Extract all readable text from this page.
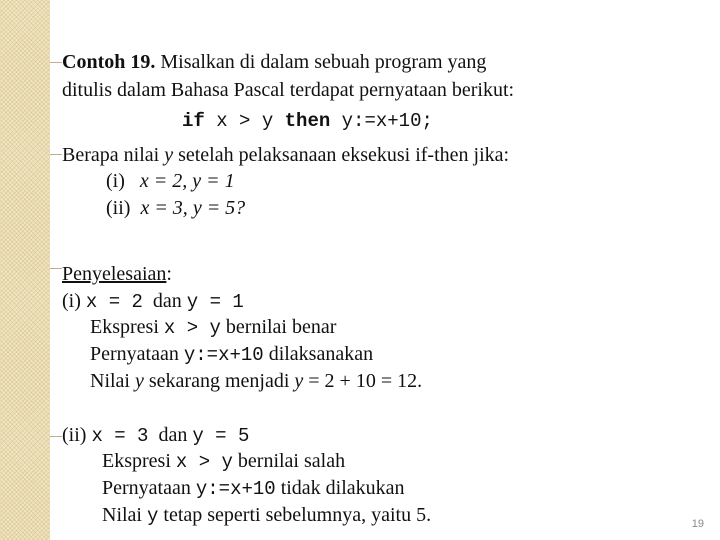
Contoh 19. Misalkan di dalam sebuah program yang
ditulis dalam Bahasa Pascal terdapat pernyataan berikut:
if x > y then y:=x+10;
Berapa nilai y setelah pelaksanaan eksekusi if-then jika:
(i) x = 2, y = 1
(ii) x = 3, y = 5?
Penyelesaian:
(i) x = 2 dan y = 1
Ekspresi x > y bernilai benar
Pernyataan y:=x+10 dilaksanakan
Nilai y sekarang menjadi y = 2 + 10 = 12.
(ii) x = 3 dan y = 5
Ekspresi x > y bernilai salah
Pernyataan y:=x+10 tidak dilakukan
Nilai y tetap seperti sebelumnya, yaitu 5.	19
